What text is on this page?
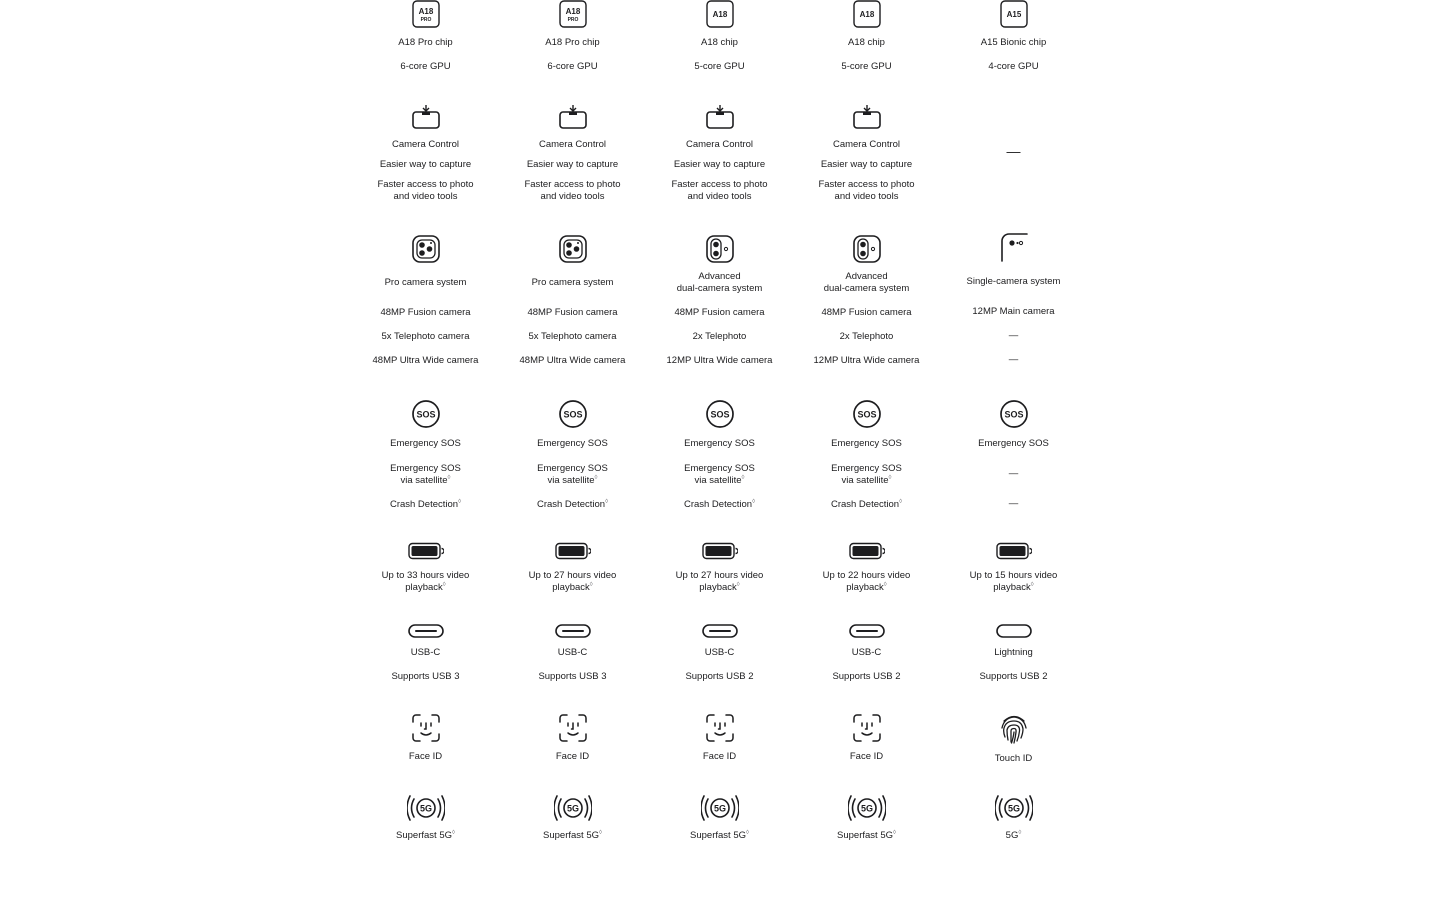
A18
PRO
A18 Pro chip
6-core GPU
Camera Control
Easier way to capture
Faster access to photo
and video tools
Pro camera system
48MP Fusion camera
5x Telephoto camera
48MP Ultra Wide camera
SOS
Emergency SOS
Emergency SOS
via satellite◊
Crash Detection◊
Up to 33 hours video
playback◊
USB-C
Supports USB 3
Face ID
5G
Superfast 5G◊
A18
PRO
A18 Pro chip
6-core GPU
Camera Control
Easier way to capture
Faster access to photo
and video tools
Pro camera system
48MP Fusion camera
5x Telephoto camera
48MP Ultra Wide camera
SOS
Emergency SOS
Emergency SOS
via satellite◊
Crash Detection◊
Up to 27 hours video
playback◊
USB-C
Supports USB 3
Face ID
5G
Superfast 5G◊
A18
A18 chip
5-core GPU
Camera Control
Easier way to capture
Faster access to photo
and video tools
Advanced
dual-camera system
48MP Fusion camera
2x Telephoto
12MP Ultra Wide camera
SOS
Emergency SOS
Emergency SOS
via satellite◊
Crash Detection◊
Up to 27 hours video
playback◊
USB-C
Supports USB 2
Face ID
5G
Superfast 5G◊
A18
A18 chip
5-core GPU
Camera Control
Easier way to capture
Faster access to photo
and video tools
Advanced
dual-camera system
48MP Fusion camera
2x Telephoto
12MP Ultra Wide camera
SOS
Emergency SOS
Emergency SOS
via satellite◊
Crash Detection◊
Up to 22 hours video
playback◊
USB-C
Supports USB 2
Face ID
5G
Superfast 5G◊
A15
A15 Bionic chip
4-core GPU
—
Single-camera system
12MP Main camera
—
—
SOS
Emergency SOS
—
—
Up to 15 hours video
playback◊
Lightning
Supports USB 2
Touch ID
5G
5G◊
